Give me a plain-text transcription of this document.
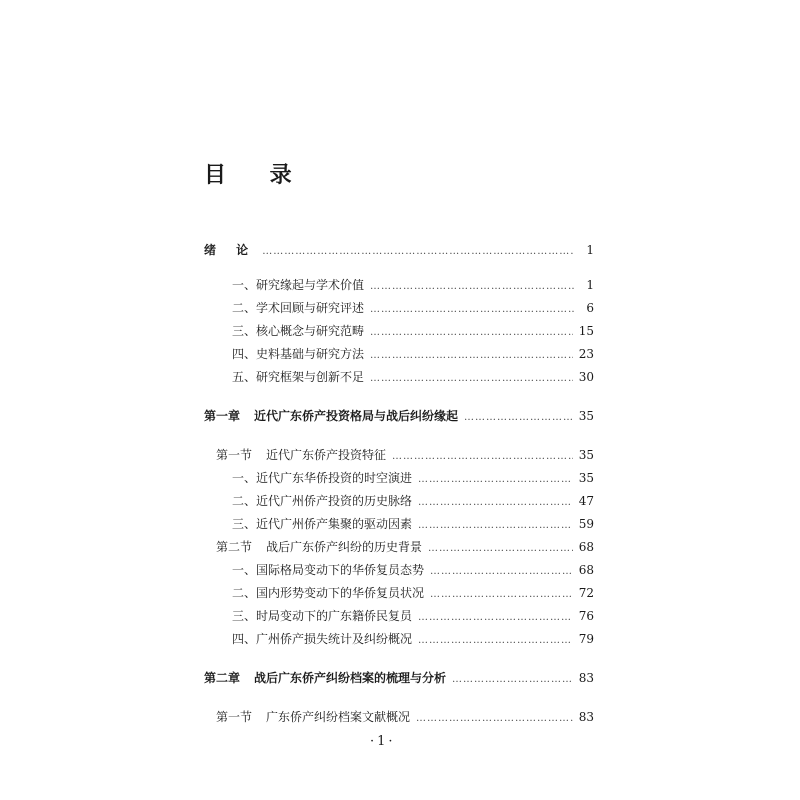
目 录
绪 论 ………………………………………………………………………………………………………………	1
一、研究缘起与学术价值 ………………………………………………………………………………………………………………	1
二、学术回顾与研究评述 ………………………………………………………………………………………………………………	6
三、核心概念与研究范畴 ………………………………………………………………………………………………………………	15
四、史料基础与研究方法 ………………………………………………………………………………………………………………	23
五、研究框架与创新不足 ………………………………………………………………………………………………………………	30
第一章 近代广东侨产投资格局与战后纠纷缘起 ………………………………………………………………………………………………………………	35
第一节 近代广东侨产投资特征 ………………………………………………………………………………………………………………	35
一、近代广东华侨投资的时空演进 ………………………………………………………………………………………………………………	35
二、近代广州侨产投资的历史脉络 ………………………………………………………………………………………………………………	47
三、近代广州侨产集聚的驱动因素 ………………………………………………………………………………………………………………	59
第二节 战后广东侨产纠纷的历史背景 ………………………………………………………………………………………………………………	68
一、国际格局变动下的华侨复员态势 ………………………………………………………………………………………………………………	68
二、国内形势变动下的华侨复员状况 ………………………………………………………………………………………………………………	72
三、时局变动下的广东籍侨民复员 ………………………………………………………………………………………………………………	76
四、广州侨产损失统计及纠纷概况 ………………………………………………………………………………………………………………	79
第二章 战后广东侨产纠纷档案的梳理与分析 ………………………………………………………………………………………………………………	83
第一节 广东侨产纠纷档案文献概况 ………………………………………………………………………………………………………………	83
·1·
